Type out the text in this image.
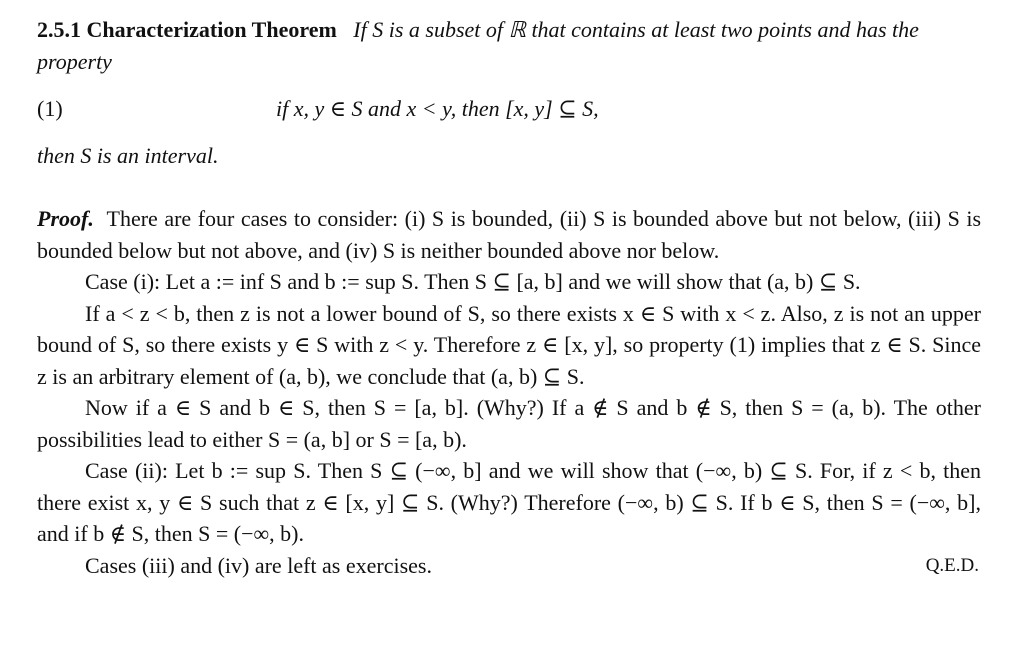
2.5.1 Characterization Theorem If S is a subset of ℝ that contains at least two points and has the property
(1)	if x, y ∈ S and x < y, then [x, y] ⊆ S,
then S is an interval.

Proof. There are four cases to consider: (i) S is bounded, (ii) S is bounded above but not below, (iii) S is bounded below but not above, and (iv) S is neither bounded above nor below.

Case (i): Let a := inf S and b := sup S. Then S ⊆ [a, b] and we will show that (a, b) ⊆ S.

If a < z < b, then z is not a lower bound of S, so there exists x ∈ S with x < z. Also, z is not an upper bound of S, so there exists y ∈ S with z < y. Therefore z ∈ [x, y], so property (1) implies that z ∈ S. Since z is an arbitrary element of (a, b), we conclude that (a, b) ⊆ S.

Now if a ∈ S and b ∈ S, then S = [a, b]. (Why?) If a ∉ S and b ∉ S, then S = (a, b). The other possibilities lead to either S = (a, b] or S = [a, b).

Case (ii): Let b := sup S. Then S ⊆ (−∞, b] and we will show that (−∞, b) ⊆ S. For, if z < b, then there exist x, y ∈ S such that z ∈ [x, y] ⊆ S. (Why?) Therefore (−∞, b) ⊆ S. If b ∈ S, then S = (−∞, b], and if b ∉ S, then S = (−∞, b).

Cases (iii) and (iv) are left as exercises.	Q.E.D.
